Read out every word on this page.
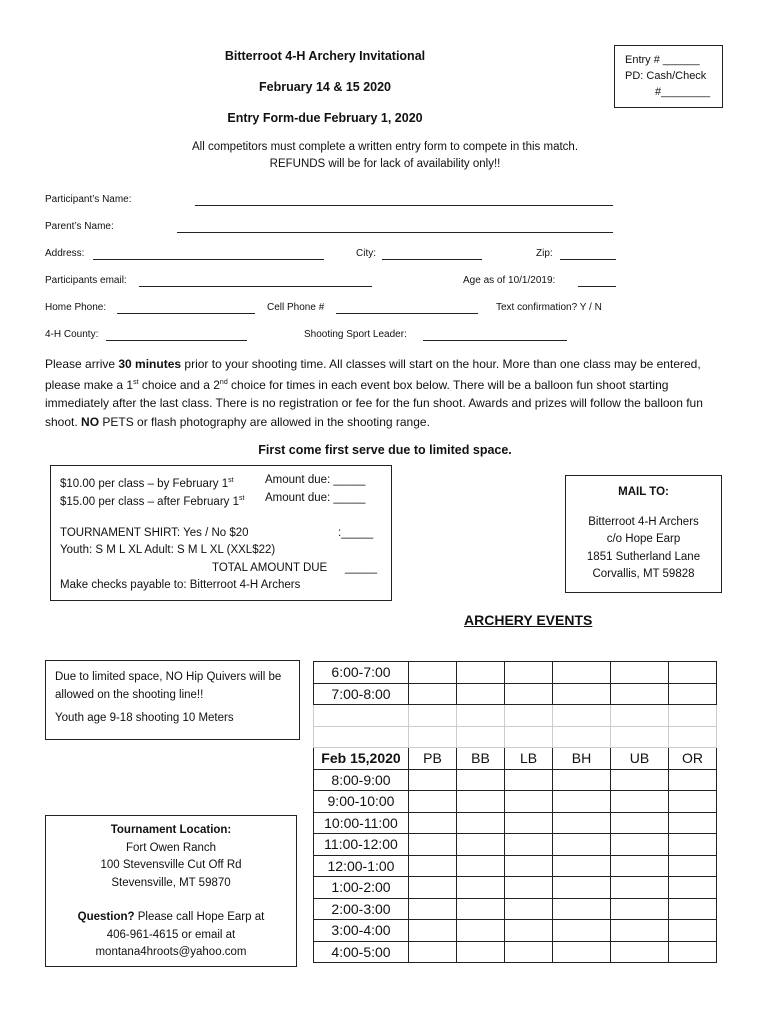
Bitterroot 4-H Archery Invitational
February 14 & 15 2020
Entry Form-due February 1, 2020
All competitors must complete a written entry form to compete in this match.
REFUNDS will be for lack of availability only!!
Entry # ______
PD: Cash/Check
#________
Participant’s Name:
Parent’s Name:
Address:	City:	Zip:
Participants email:	Age as of 10/1/2019:
Home Phone:	Cell Phone #	Text confirmation? Y / N
4-H County:	Shooting Sport Leader:
Please arrive 30 minutes prior to your shooting time. All classes will start on the hour. More than one class may be entered, please make a 1st choice and a 2nd choice for times in each event box below. There will be a balloon fun shoot starting immediately after the last class. There is no registration or fee for the fun shoot. Awards and prizes will follow the balloon fun shoot. NO PETS or flash photography are allowed in the shooting range.
First come first serve due to limited space.
$10.00 per class – by February 1st	Amount due: _____
$15.00 per class – after February 1st Amount due: _____
TOURNAMENT SHIRT: Yes / No $20	:_____
Youth: S M L XL Adult: S M L XL (XXL$22)
TOTAL AMOUNT DUE _____
Make checks payable to: Bitterroot 4-H Archers
MAIL TO:
Bitterroot 4-H Archers
c/o Hope Earp
1851 Sutherland Lane
Corvallis, MT 59828
ARCHERY EVENTS
Due to limited space, NO Hip Quivers will be allowed on the shooting line!!
Youth age 9-18 shooting 10 Meters
Tournament Location:
Fort Owen Ranch
100 Stevensville Cut Off Rd
Stevensville, MT 59870
Question? Please call Hope Earp at
406-961-4615 or email at
montana4hroots@yahoo.com
6:00-7:00						
7:00-8:00						

Feb 15,2020	PB	BB	LB	BH	UB	OR
8:00-9:00						
9:00-10:00						
10:00-11:00						
11:00-12:00						
12:00-1:00						
1:00-2:00						
2:00-3:00						
3:00-4:00						
4:00-5:00						
